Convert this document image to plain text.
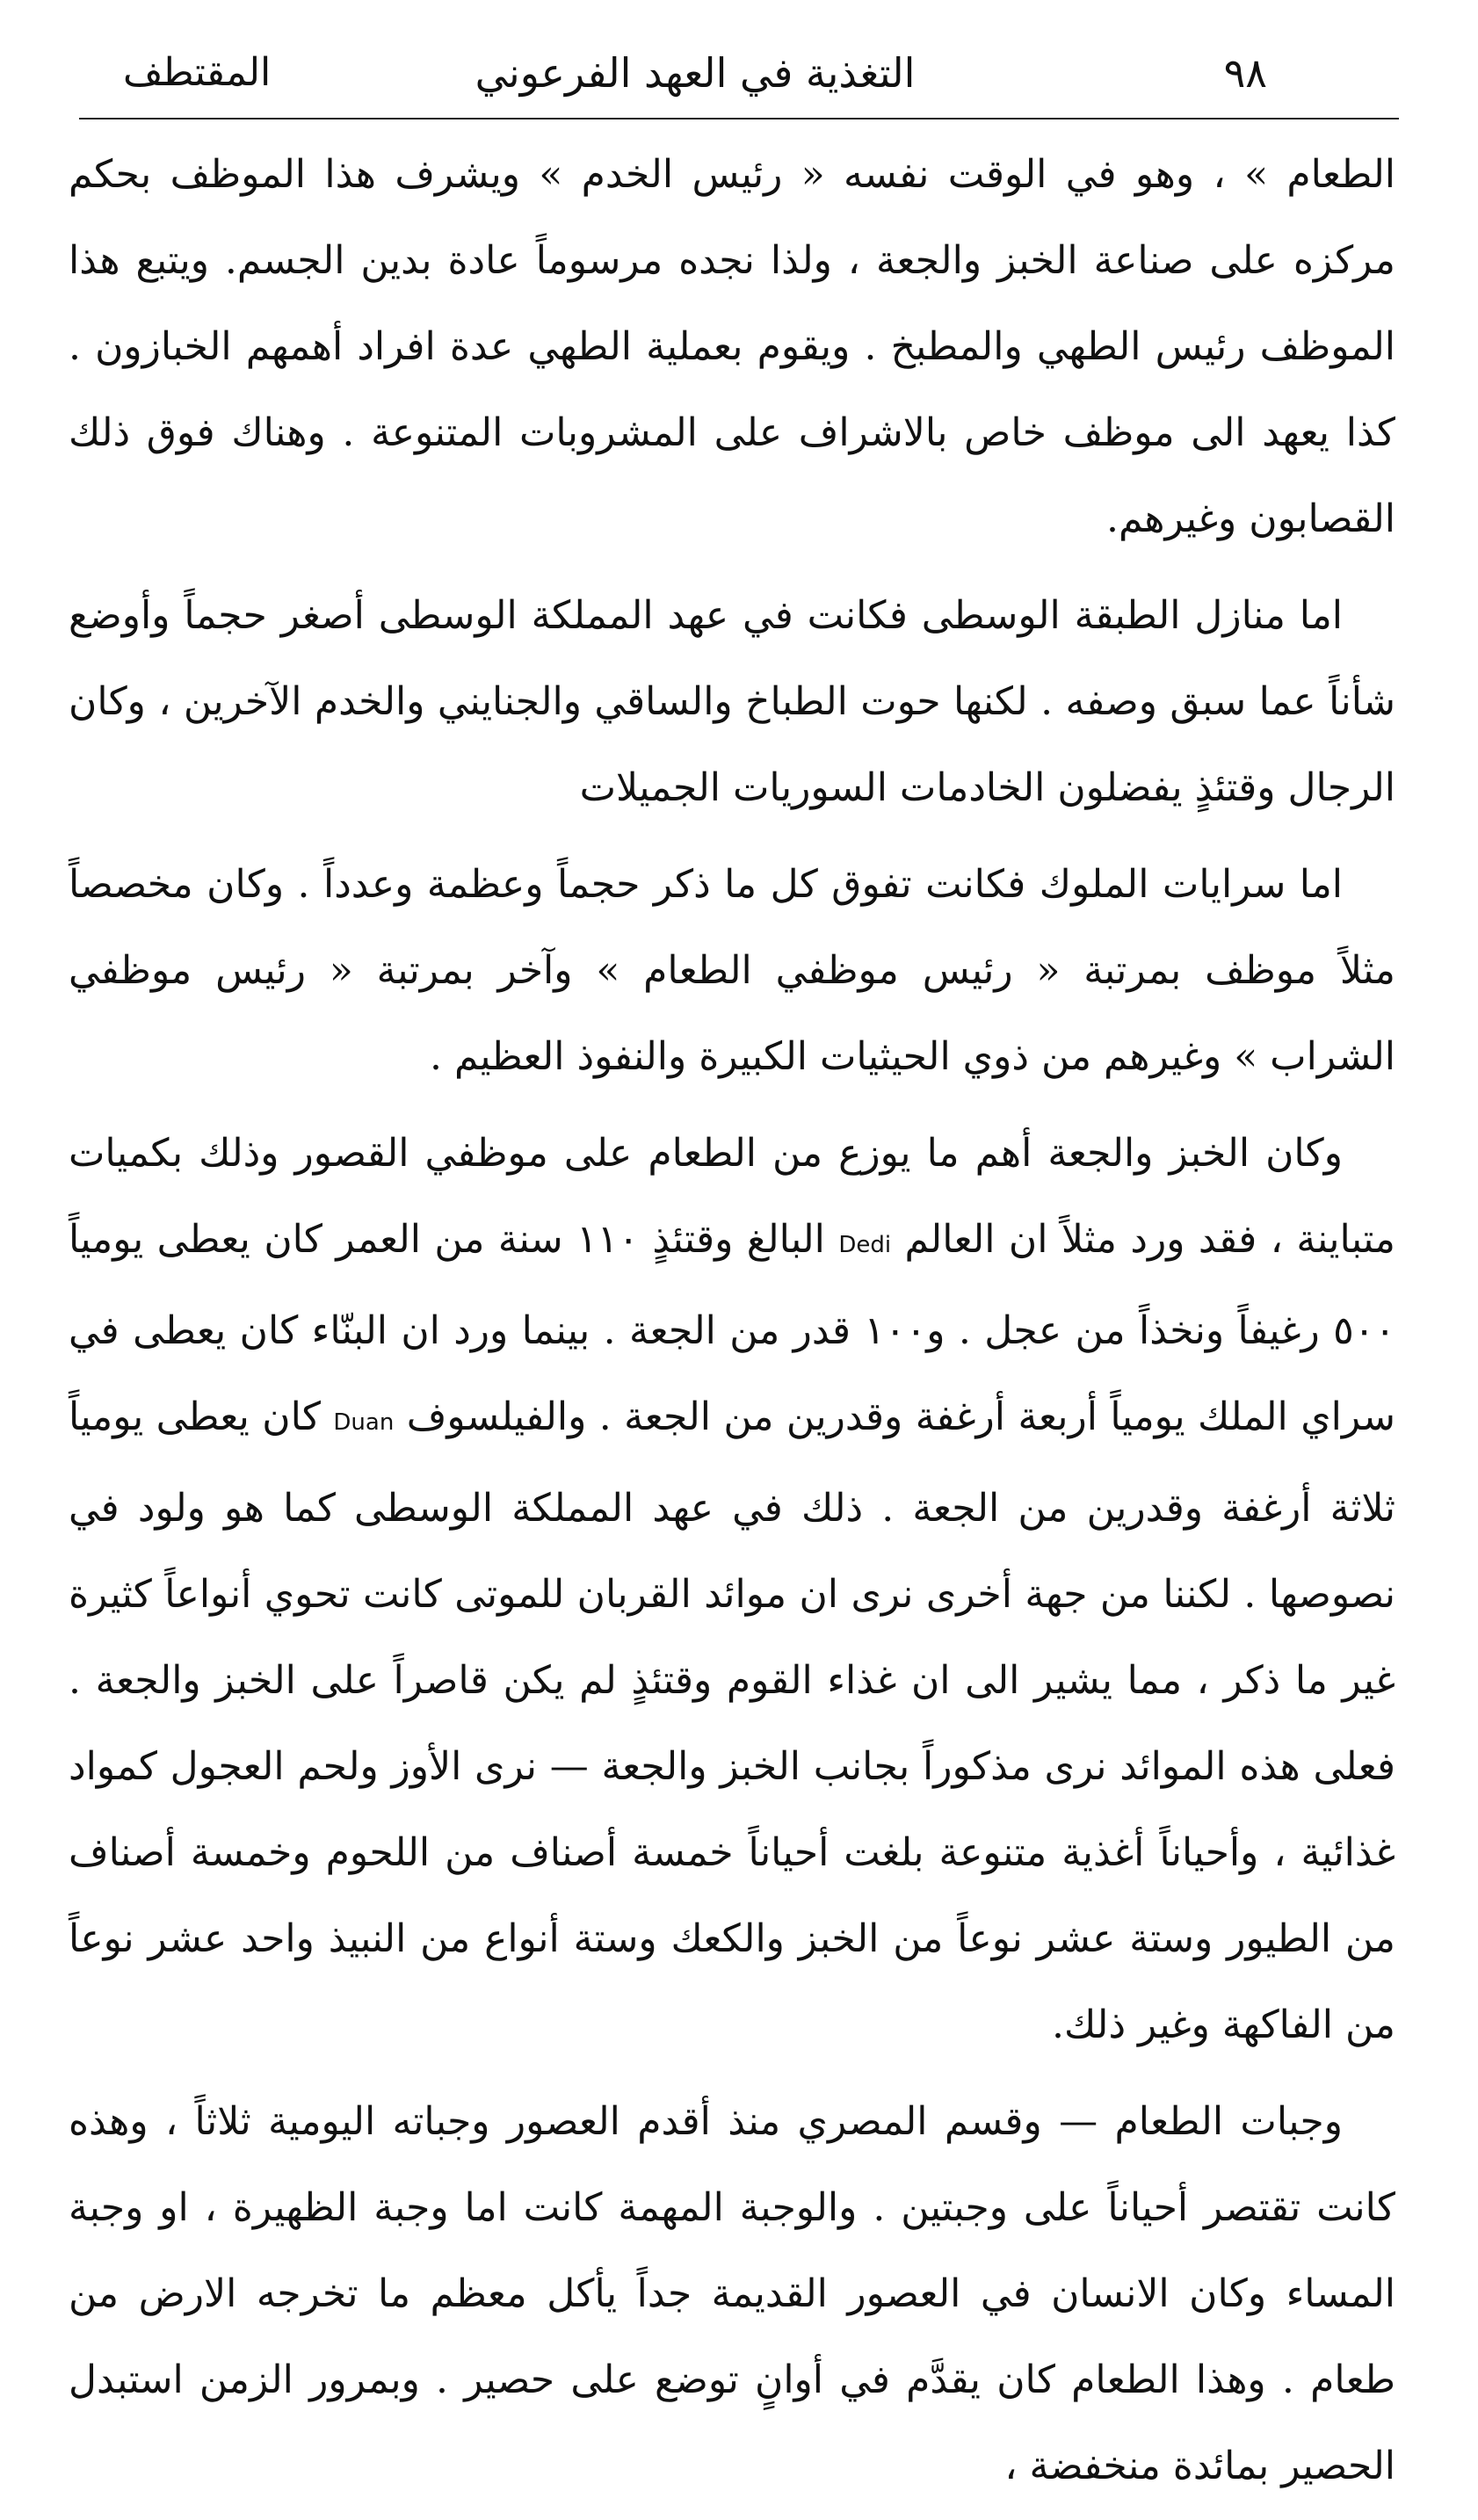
٩٨
التغذية في العهد الفرعوني
المقتطف

الطعام » ، وهو في الوقت نفسه « رئيس الخدم » ويشرف هذا الموظف بحكم مركزه على صناعة الخبز والجعة ، ولذا نجده مرسوماً عادة بدين الجسم. ويتبع هذا الموظف رئيس الطهي والمطبخ . ويقوم بعملية الطهي عدة افراد أهمهم الخبازون . كذا يعهد الى موظف خاص بالاشراف على المشروبات المتنوعة . وهناك فوق ذلك القصابون وغيرهم.

اما منازل الطبقة الوسطى فكانت في عهد المملكة الوسطى أصغر حجماً وأوضع شأناً عما سبق وصفه . لكنها حوت الطباخ والساقي والجنايني والخدم الآخرين ، وكان الرجال وقتئذٍ يفضلون الخادمات السوريات الجميلات

اما سرايات الملوك فكانت تفوق كل ما ذكر حجماً وعظمة وعدداً . وكان مخصصاً مثلاً موظف بمرتبة « رئيس موظفي الطعام » وآخر بمرتبة « رئيس موظفي الشراب » وغيرهم من ذوي الحيثيات الكبيرة والنفوذ العظيم .

وكان الخبز والجعة أهم ما يوزع من الطعام على موظفي القصور وذلك بكميات متباينة ، فقد ورد مثلاً ان العالم Dedi البالغ وقتئذٍ ١١٠ سنة من العمر كان يعطى يومياً ٥٠٠ رغيفاً ونخذاً من عجل . و١٠٠ قدر من الجعة . بينما ورد ان البنّاء كان يعطى في سراي الملك يومياً أربعة أرغفة وقدرين من الجعة . والفيلسوف Duan كان يعطى يومياً ثلاثة أرغفة وقدرين من الجعة . ذلك في عهد المملكة الوسطى كما هو ولود في نصوصها . لكننا من جهة أخرى نرى ان موائد القربان للموتى كانت تحوي أنواعاً كثيرة غير ما ذكر ، مما يشير الى ان غذاء القوم وقتئذٍ لم يكن قاصراً على الخبز والجعة . فعلى هذه الموائد نرى مذكوراً بجانب الخبز والجعة — نرى الأوز ولحم العجول كمواد غذائية ، وأحياناً أغذية متنوعة بلغت أحياناً خمسة أصناف من اللحوم وخمسة أصناف من الطيور وستة عشر نوعاً من الخبز والكعك وستة أنواع من النبيذ واحد عشر نوعاً من الفاكهة وغير ذلك.

وجبات الطعام — وقسم المصري منذ أقدم العصور وجباته اليومية ثلاثاً ، وهذه كانت تقتصر أحياناً على وجبتين . والوجبة المهمة كانت اما وجبة الظهيرة ، او وجبة المساء وكان الانسان في العصور القديمة جداً يأكل معظم ما تخرجه الارض من طعام . وهذا الطعام كان يقدَّم في أوانٍ توضع على حصير . وبمرور الزمن استبدل الحصير بمائدة منخفضة ،
